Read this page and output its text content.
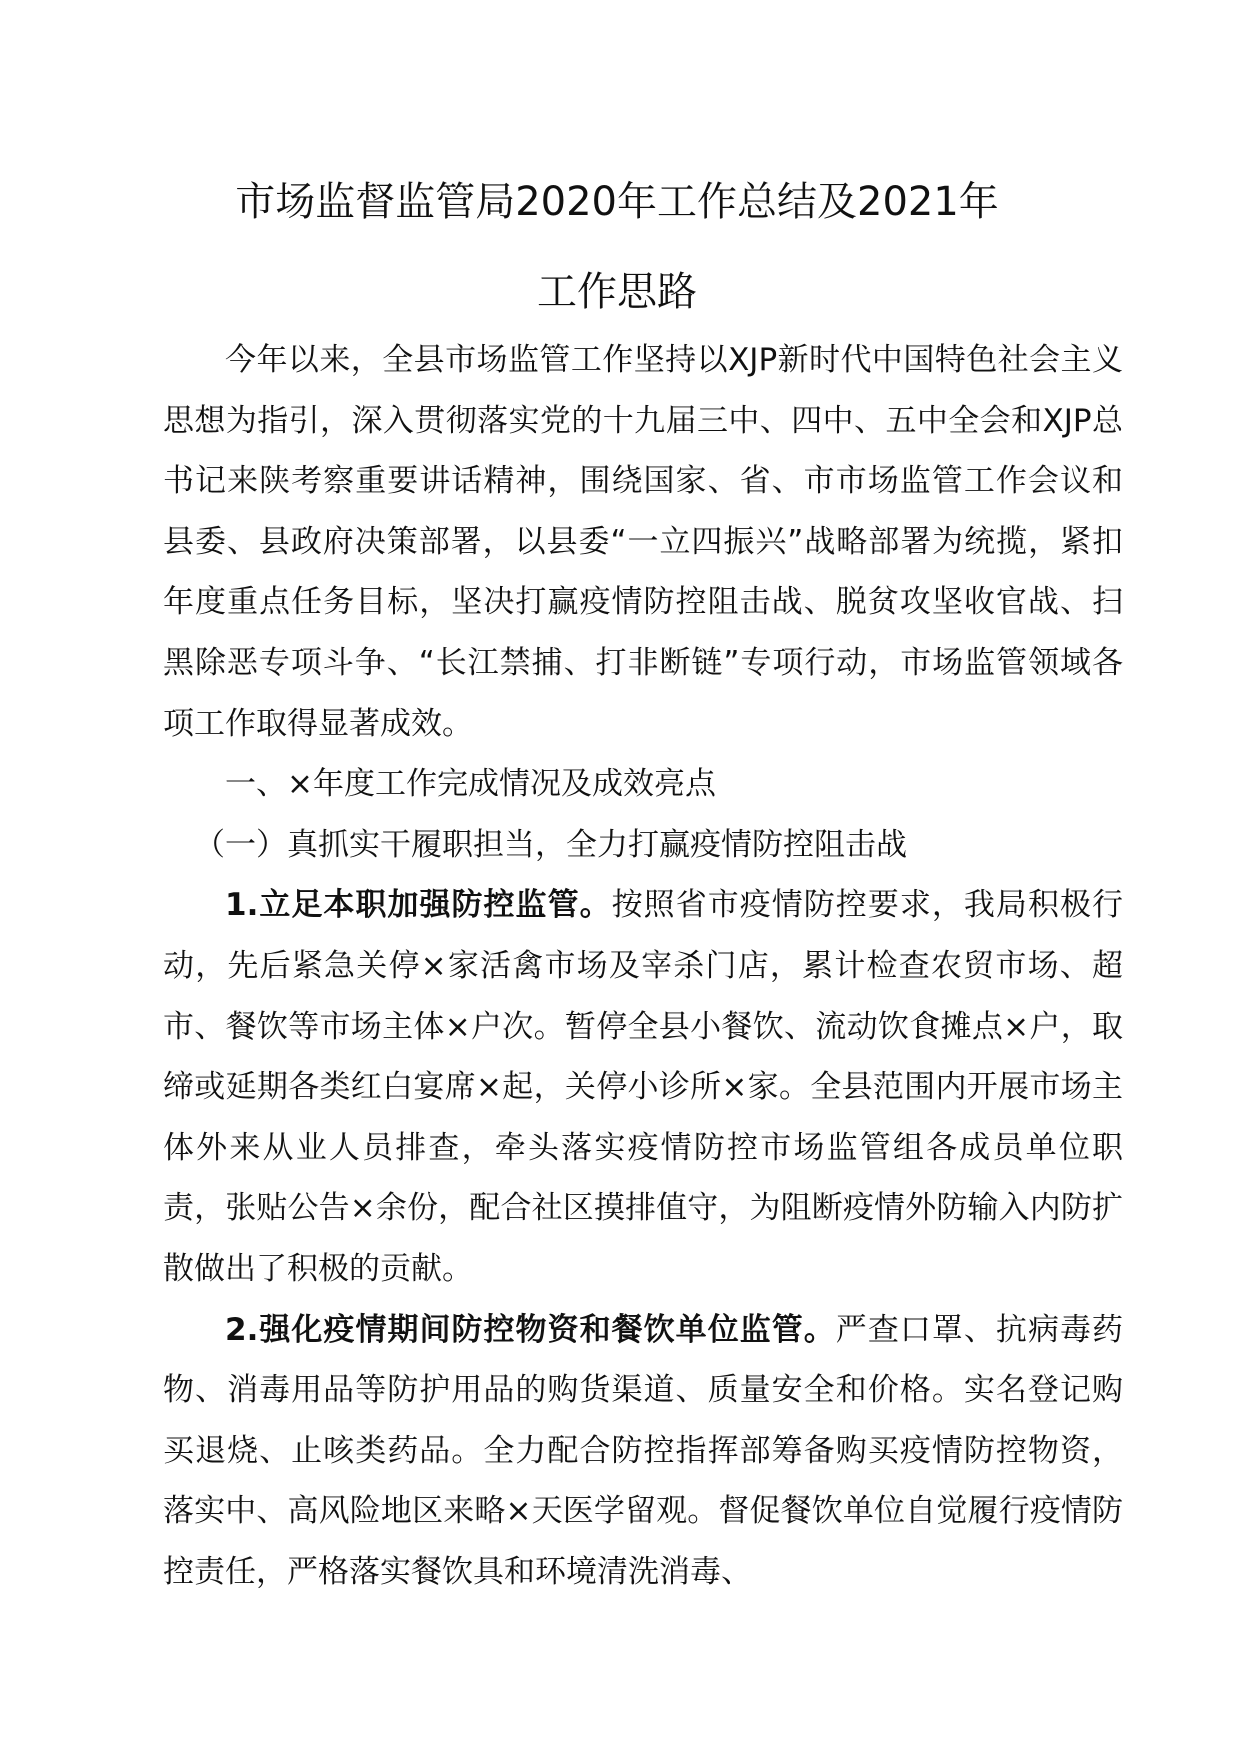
市场监督监管局2020年工作总结及2021年
工作思路

今年以来，全县市场监管工作坚持以XJP新时代中国特色社会主义思想为指引，深入贯彻落实党的十九届三中、四中、五中全会和XJP总书记来陕考察重要讲话精神，围绕国家、省、市市场监管工作会议和县委、县政府决策部署，以县委“一立四振兴”战略部署为统揽，紧扣年度重点任务目标，坚决打赢疫情防控阻击战、脱贫攻坚收官战、扫黑除恶专项斗争、“长江禁捕、打非断链”专项行动，市场监管领域各项工作取得显著成效。

一、×年度工作完成情况及成效亮点

（一）真抓实干履职担当，全力打赢疫情防控阻击战

1.立足本职加强防控监管。按照省市疫情防控要求，我局积极行动，先后紧急关停×家活禽市场及宰杀门店，累计检查农贸市场、超市、餐饮等市场主体×户次。暂停全县小餐饮、流动饮食摊点×户，取缔或延期各类红白宴席×起，关停小诊所×家。全县范围内开展市场主体外来从业人员排查，牵头落实疫情防控市场监管组各成员单位职责，张贴公告×余份，配合社区摸排值守，为阻断疫情外防输入内防扩散做出了积极的贡献。

2.强化疫情期间防控物资和餐饮单位监管。严查口罩、抗病毒药物、消毒用品等防护用品的购货渠道、质量安全和价格。实名登记购买退烧、止咳类药品。全力配合防控指挥部筹备购买疫情防控物资，落实中、高风险地区来略×天医学留观。督促餐饮单位自觉履行疫情防控责任，严格落实餐饮具和环境清洗消毒、
